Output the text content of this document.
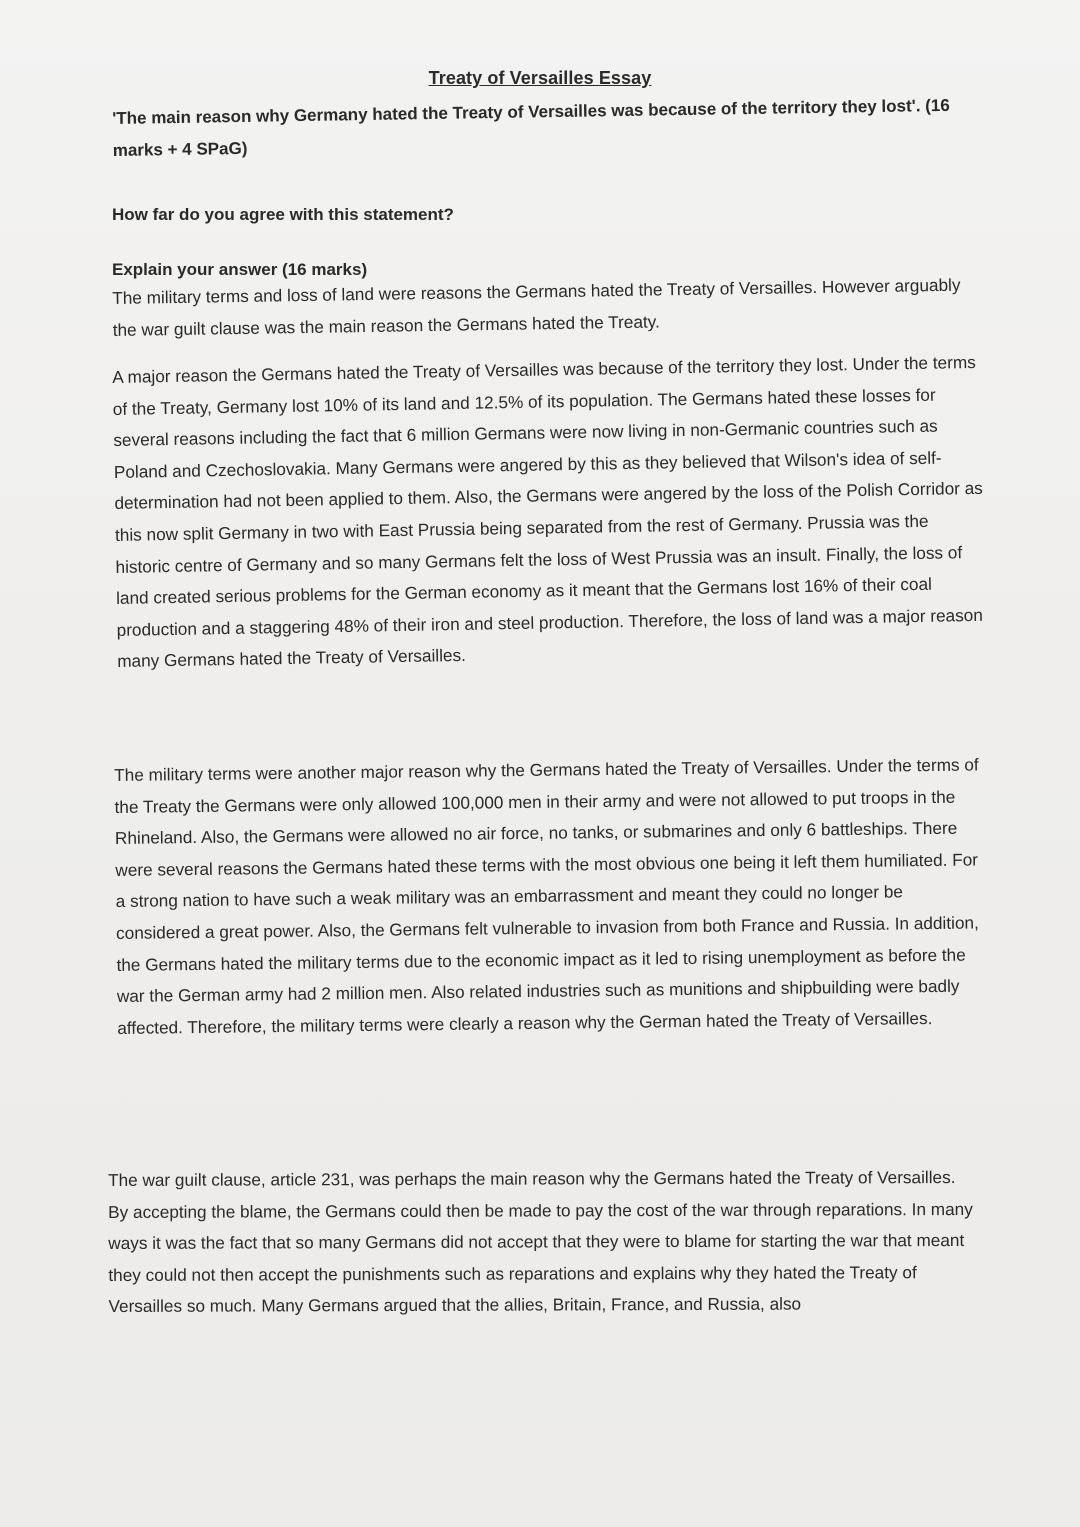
Treaty of Versailles Essay
'The main reason why Germany hated the Treaty of Versailles was because of the territory they lost'. (16 marks + 4 SPaG)
How far do you agree with this statement?
Explain your answer (16 marks)
The military terms and loss of land were reasons the Germans hated the Treaty of Versailles. However arguably the war guilt clause was the main reason the Germans hated the Treaty.
A major reason the Germans hated the Treaty of Versailles was because of the territory they lost. Under the terms of the Treaty, Germany lost 10% of its land and 12.5% of its population. The Germans hated these losses for several reasons including the fact that 6 million Germans were now living in non-Germanic countries such as Poland and Czechoslovakia. Many Germans were angered by this as they believed that Wilson's idea of self-determination had not been applied to them. Also, the Germans were angered by the loss of the Polish Corridor as this now split Germany in two with East Prussia being separated from the rest of Germany. Prussia was the historic centre of Germany and so many Germans felt the loss of West Prussia was an insult. Finally, the loss of land created serious problems for the German economy as it meant that the Germans lost 16% of their coal production and a staggering 48% of their iron and steel production. Therefore, the loss of land was a major reason many Germans hated the Treaty of Versailles.
The military terms were another major reason why the Germans hated the Treaty of Versailles. Under the terms of the Treaty the Germans were only allowed 100,000 men in their army and were not allowed to put troops in the Rhineland. Also, the Germans were allowed no air force, no tanks, or submarines and only 6 battleships. There were several reasons the Germans hated these terms with the most obvious one being it left them humiliated. For a strong nation to have such a weak military was an embarrassment and meant they could no longer be considered a great power. Also, the Germans felt vulnerable to invasion from both France and Russia. In addition, the Germans hated the military terms due to the economic impact as it led to rising unemployment as before the war the German army had 2 million men. Also related industries such as munitions and shipbuilding were badly affected. Therefore, the military terms were clearly a reason why the German hated the Treaty of Versailles.
The war guilt clause, article 231, was perhaps the main reason why the Germans hated the Treaty of Versailles. By accepting the blame, the Germans could then be made to pay the cost of the war through reparations. In many ways it was the fact that so many Germans did not accept that they were to blame for starting the war that meant they could not then accept the punishments such as reparations and explains why they hated the Treaty of Versailles so much. Many Germans argued that the allies, Britain, France, and Russia, also
